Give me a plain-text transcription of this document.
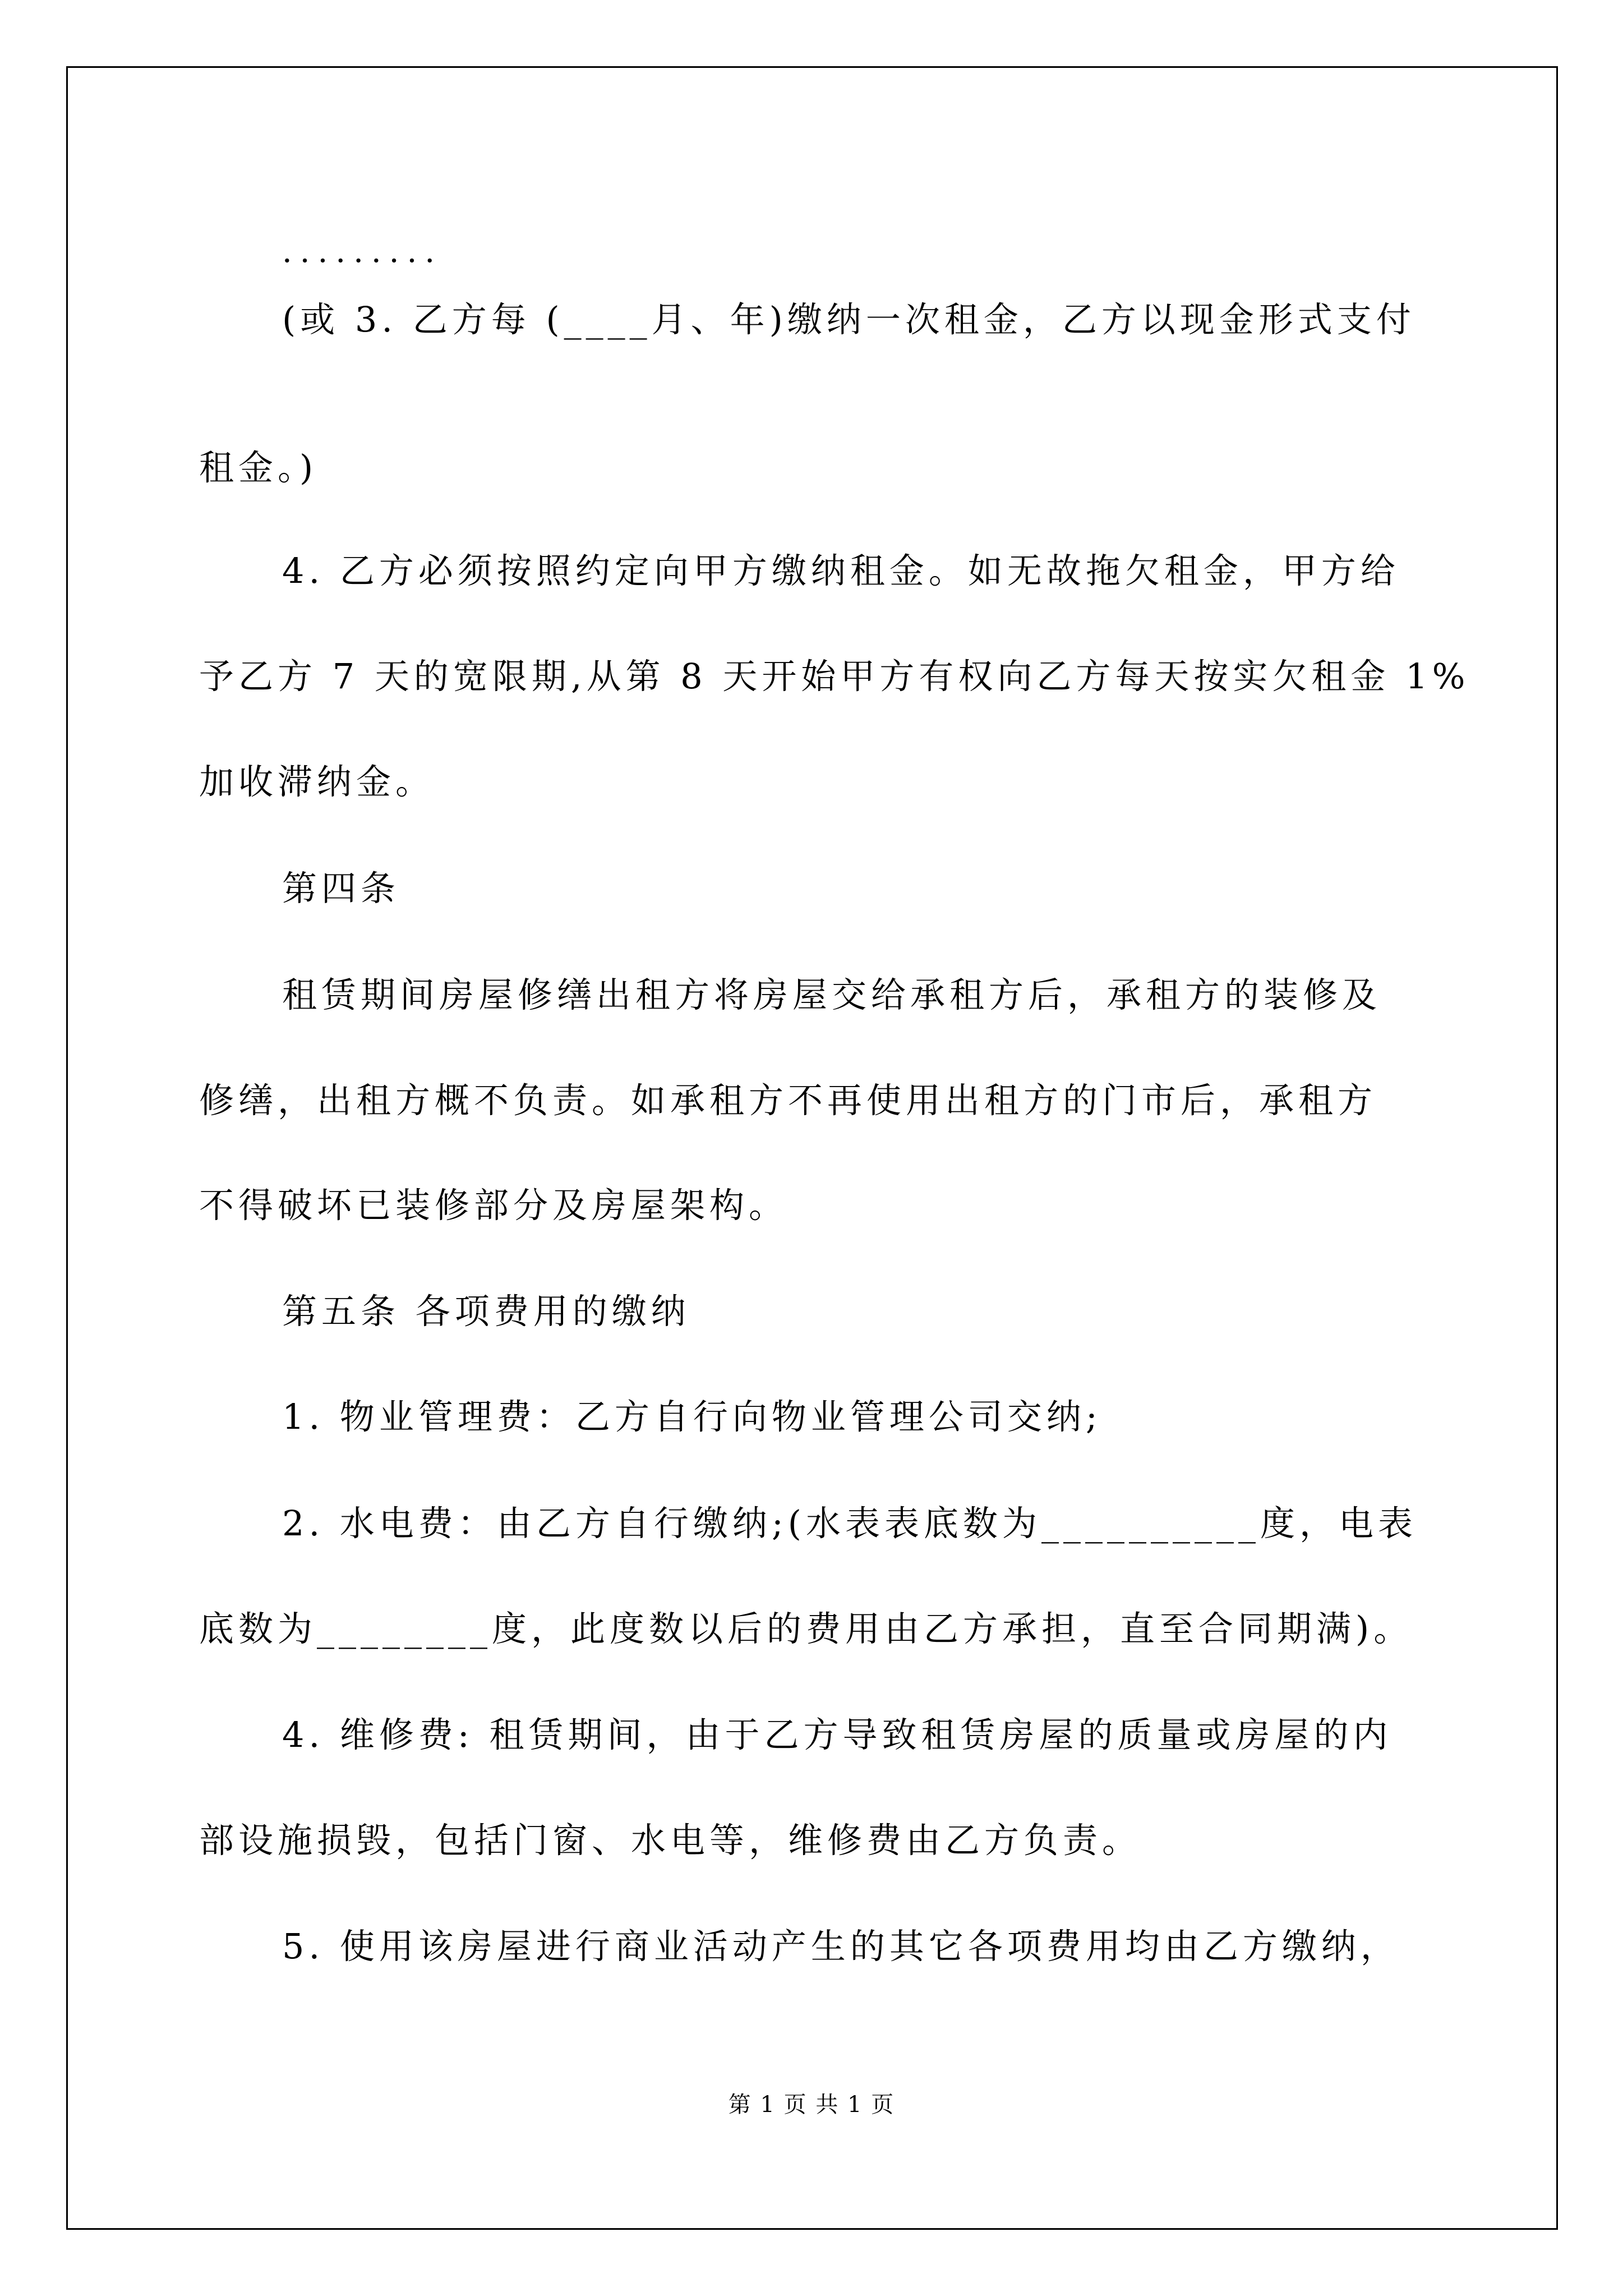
·········

(或 3. 乙方每 (____月、年)缴纳一次租金，乙方以现金形式支付

租金。)

4. 乙方必须按照约定向甲方缴纳租金。如无故拖欠租金，甲方给

予乙方 7 天的宽限期,从第 8 天开始甲方有权向乙方每天按实欠租金 1%

加收滞纳金。

第四条

租赁期间房屋修缮出租方将房屋交给承租方后，承租方的装修及

修缮，出租方概不负责。如承租方不再使用出租方的门市后，承租方

不得破坏已装修部分及房屋架构。

第五条 各项费用的缴纳

1. 物业管理费：乙方自行向物业管理公司交纳;

2. 水电费：由乙方自行缴纳;(水表表底数为__________度，电表

底数为________度，此度数以后的费用由乙方承担，直至合同期满)。

4. 维修费: 租赁期间，由于乙方导致租赁房屋的质量或房屋的内

部设施损毁，包括门窗、水电等，维修费由乙方负责。

5. 使用该房屋进行商业活动产生的其它各项费用均由乙方缴纳，

第 1 页 共 1 页
